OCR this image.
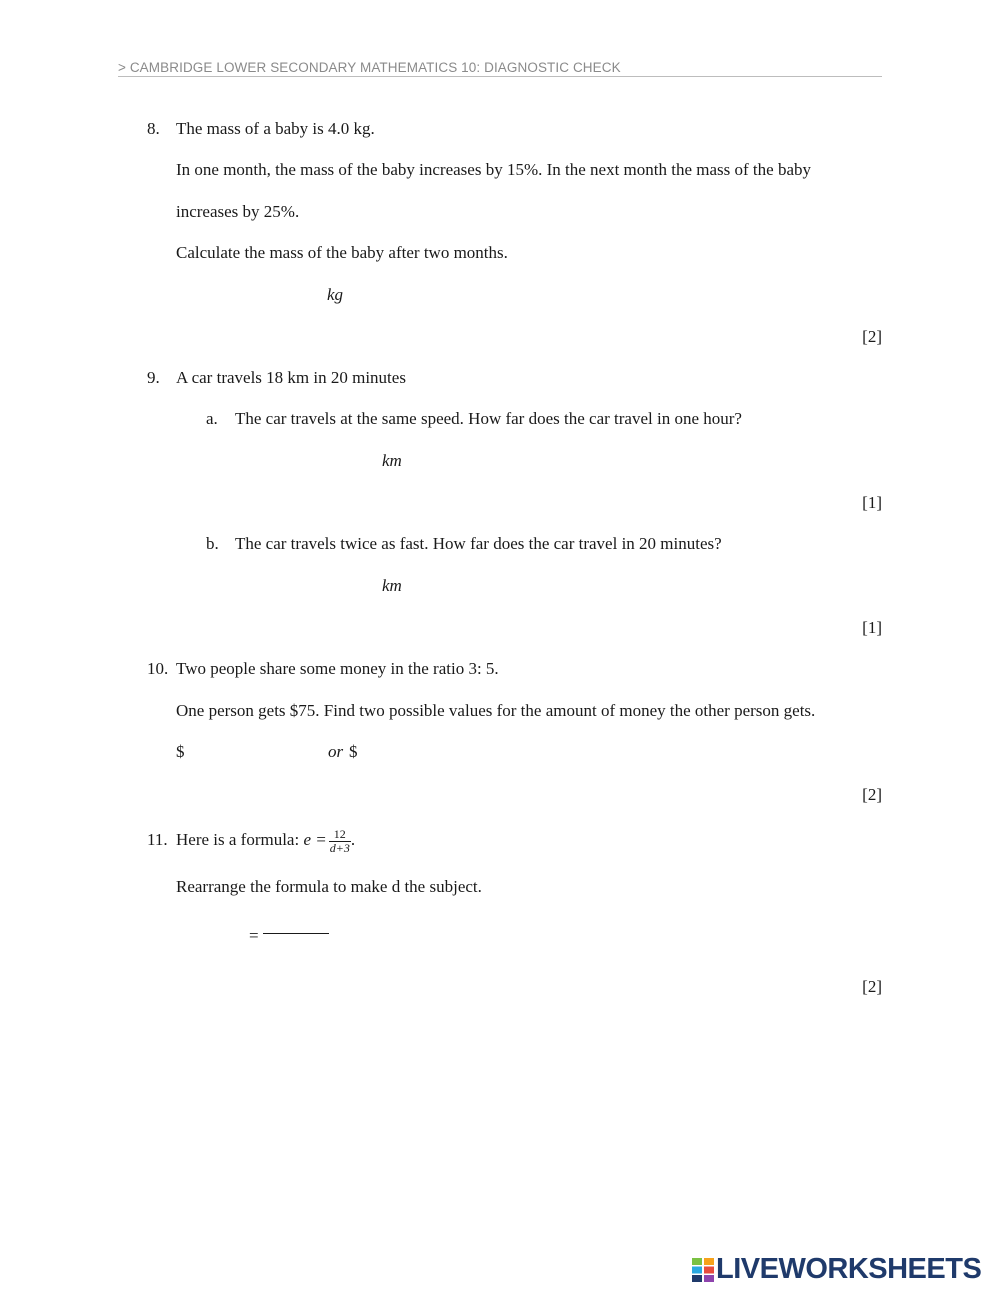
> CAMBRIDGE LOWER SECONDARY MATHEMATICS 10: DIAGNOSTIC CHECK
8. The mass of a baby is 4.0 kg.
In one month, the mass of the baby increases by 15%. In the next month the mass of the baby
increases by 25%.
Calculate the mass of the baby after two months.
kg
[2]
9. A car travels 18 km in 20 minutes
a. The car travels at the same speed. How far does the car travel in one hour?
km
[1]
b. The car travels twice as fast. How far does the car travel in 20 minutes?
km
[1]
10. Two people share some money in the ratio 3: 5.
One person gets $75. Find two possible values for the amount of money the other person gets.
$	or $
[2]
11. Here is a formula: $e = \frac{12}{d+3}$ .
Rearrange the formula to make d the subject.
=
[2]
LIVEWORKSHEETS
